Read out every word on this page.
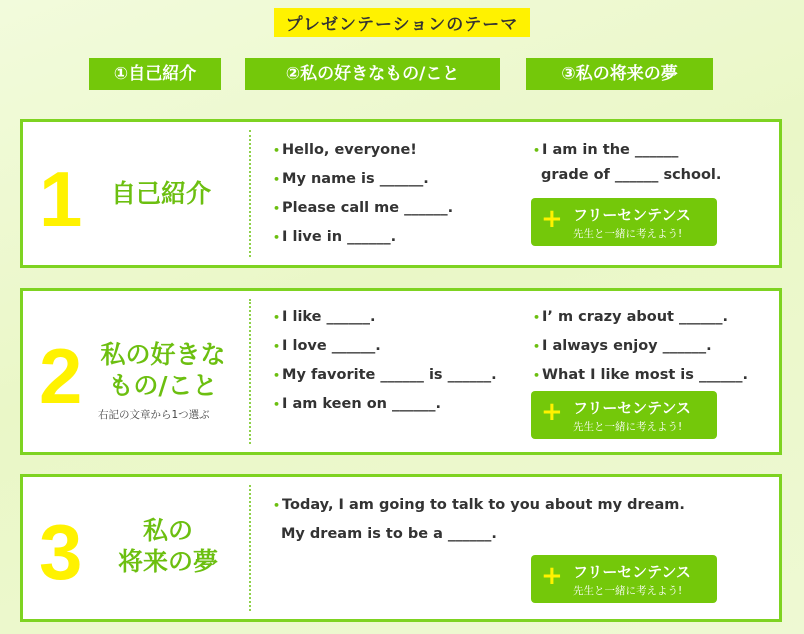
プレゼンテーションのテーマ
①自己紹介	②私の好きなもの/こと	③私の将来の夢
1	自己紹介
• Hello, everyone!
• My name is ______.
• Please call me ______.
• I live in ______.
• I am in the ______
grade of ______ school.
+ フリーセンテンス
先生と一緒に考えよう!
2 私の好きな
もの/こと
右記の文章から1つ選ぶ
• I like ______.
• I love ______.
• My favorite ______ is ______.
• I am keen on ______.
• I’ m crazy about ______.
• I always enjoy ______.
• What I like most is ______.
+ フリーセンテンス
先生と一緒に考えよう!
3	私の
将来の夢
• Today, I am going to talk to you about my dream.
My dream is to be a ______.
+ フリーセンテンス
先生と一緒に考えよう!
